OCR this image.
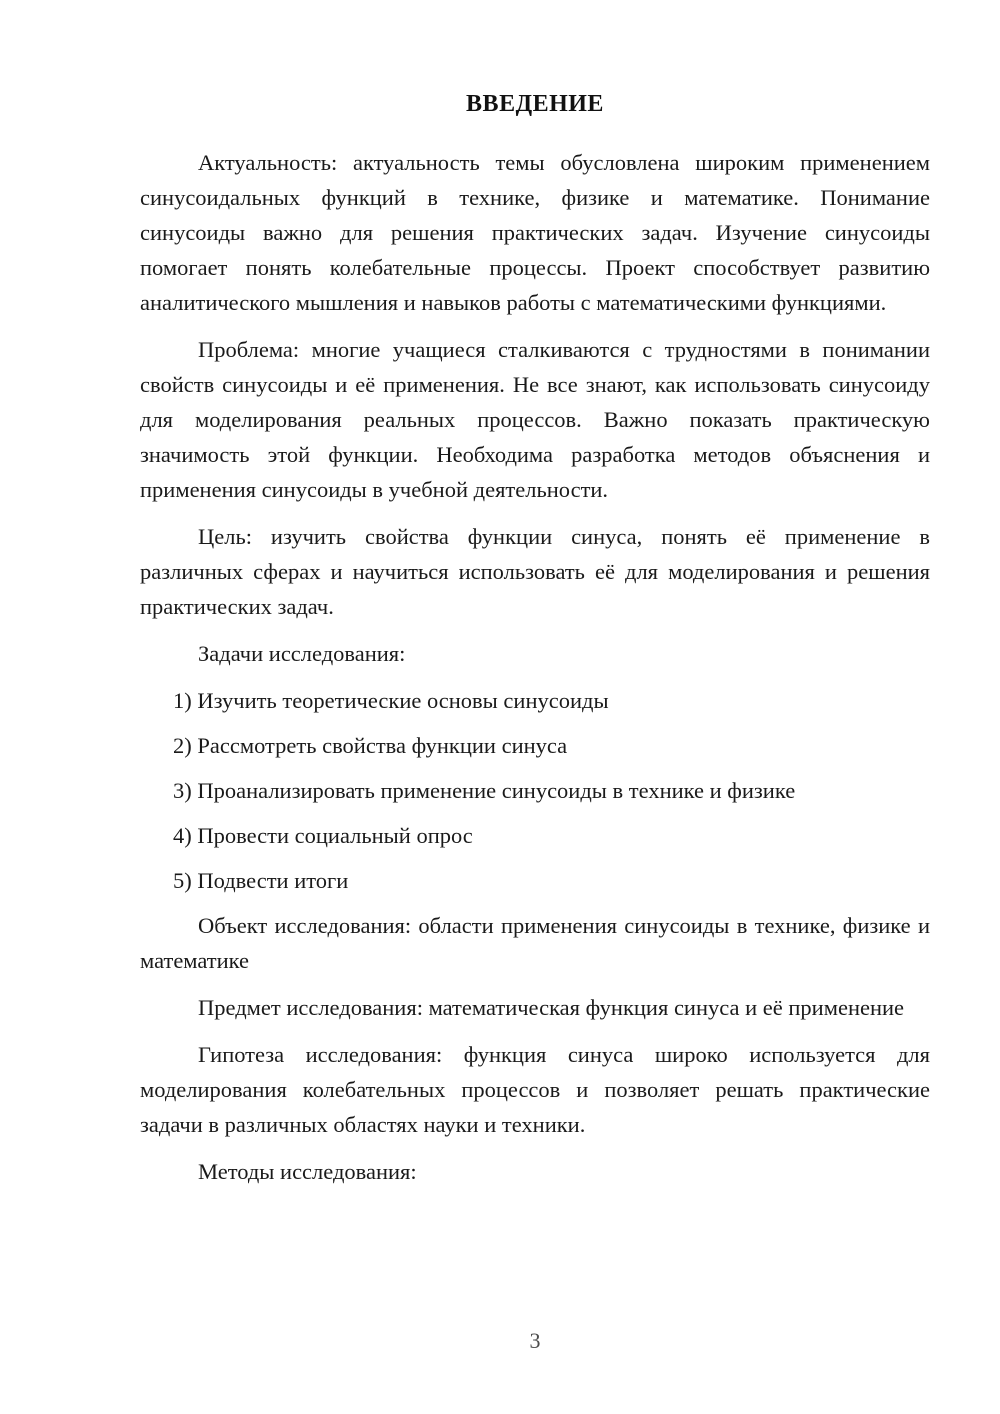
ВВЕДЕНИЕ

Актуальность: актуальность темы обусловлена широким применением синусоидальных функций в технике, физике и математике. Понимание синусоиды важно для решения практических задач. Изучение синусоиды помогает понять колебательные процессы. Проект способствует развитию аналитического мышления и навыков работы с математическими функциями.

Проблема: многие учащиеся сталкиваются с трудностями в понимании свойств синусоиды и её применения. Не все знают, как использовать синусоиду для моделирования реальных процессов. Важно показать практическую значимость этой функции. Необходима разработка методов объяснения и применения синусоиды в учебной деятельности.

Цель: изучить свойства функции синуса, понять её применение в различных сферах и научиться использовать её для моделирования и решения практических задач.

Задачи исследования:

1) Изучить теоретические основы синусоиды

2) Рассмотреть свойства функции синуса

3) Проанализировать применение синусоиды в технике и физике

4) Провести социальный опрос

5) Подвести итоги

Объект исследования: области применения синусоиды в технике, физике и математике

Предмет исследования: математическая функция синуса и её применение

Гипотеза исследования: функция синуса широко используется для моделирования колебательных процессов и позволяет решать практические задачи в различных областях науки и техники.

Методы исследования:

3
